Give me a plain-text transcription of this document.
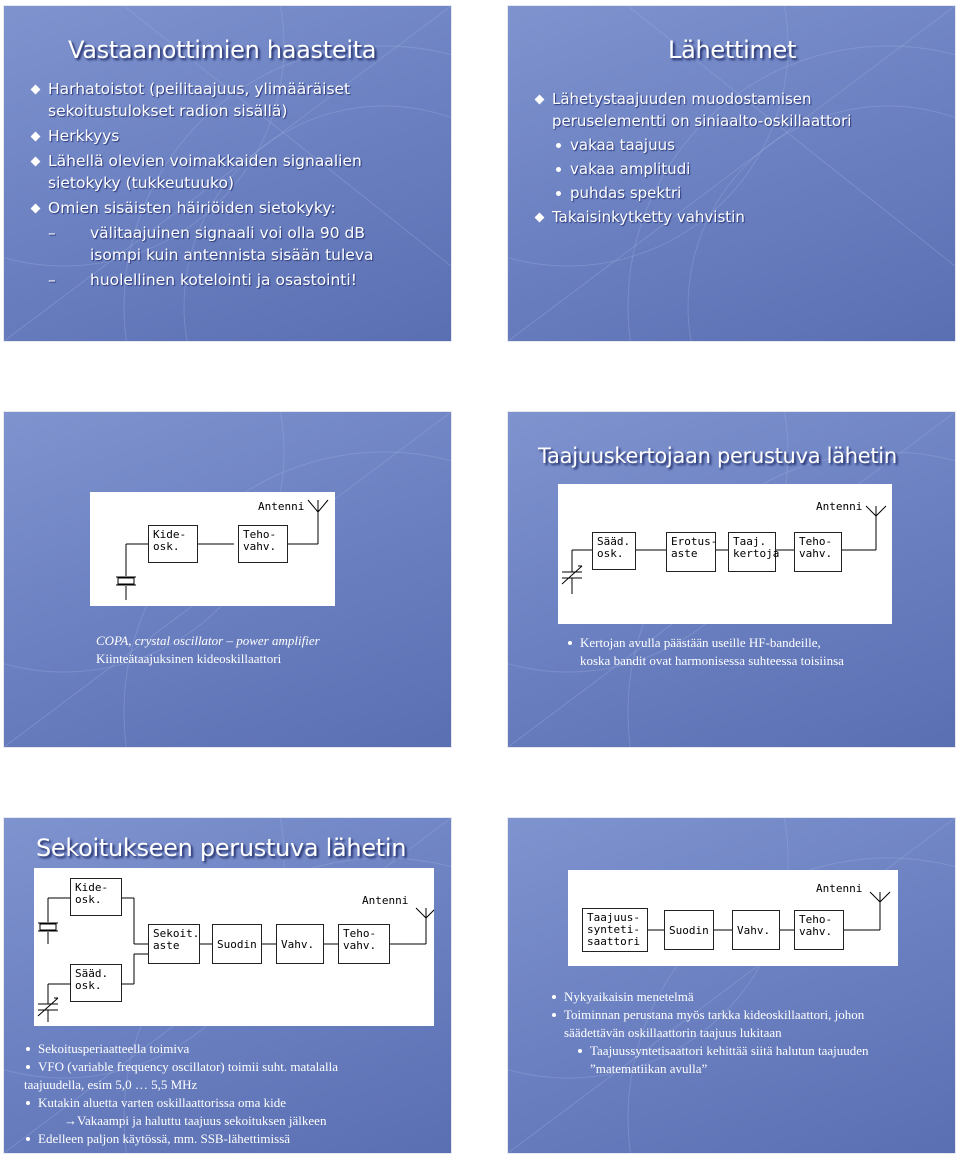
Vastaanottimien haasteita
Harhatoistot (peilitaajuus, ylimääräiset
sekoitustulokset radion sisällä)
Herkkyys
Lähellä olevien voimakkaiden signaalien
sietokyky (tukkeutuuko)
Omien sisäisten häiriöiden sietokyky:
– välitaajuinen signaali voi olla 90 dB
isompi kuin antennista sisään tuleva
– huolellinen kotelointi ja osastointi!
Lähettimet
Lähetystaajuuden muodostamisen
peruselementti on siniaalto-oskillaattori
vakaa taajuus
vakaa amplitudi
puhdas spektri
Takaisinkytketty vahvistin
Antenni
Kide-
osk.
Teho-
vahv.
COPA, crystal oscillator – power amplifier
Kiinteätaajuksinen kideoskillaattori
Taajuuskertojaan perustuva lähetin
Antenni
Sääd.
osk.
Erotus-
aste
Taaj.
kertoja
Teho-
vahv.
Kertojan avulla päästään useille HF-bandeille,
koska bandit ovat harmonisessa suhteessa toisiinsa
Sekoitukseen perustuva lähetin
Kide-
osk.	Antenni
Sekoit.
aste	Suodin	Vahv.
Teho-
vahv.
Sääd.
osk.
Sekoitusperiaatteella toimiva
VFO (variable frequency oscillator) toimii suht. matalalla
taajuudella, esim 5,0 … 5,5 MHz
Kutakin aluetta varten oskillaattorissa oma kide
→Vakaampi ja haluttu taajuus sekoituksen jälkeen
Edelleen paljon käytössä, mm. SSB-lähettimissä
Antenni
Taajuus-
synteti-
saattori
Suodin	Vahv.
Teho-
vahv.
Nykyaikaisin menetelmä
Toiminnan perustana myös tarkka kideoskillaattori, johon
säädettävän oskillaattorin taajuus lukitaan
Taajuussyntetisaattori kehittää siitä halutun taajuuden
”matematiikan avulla”
